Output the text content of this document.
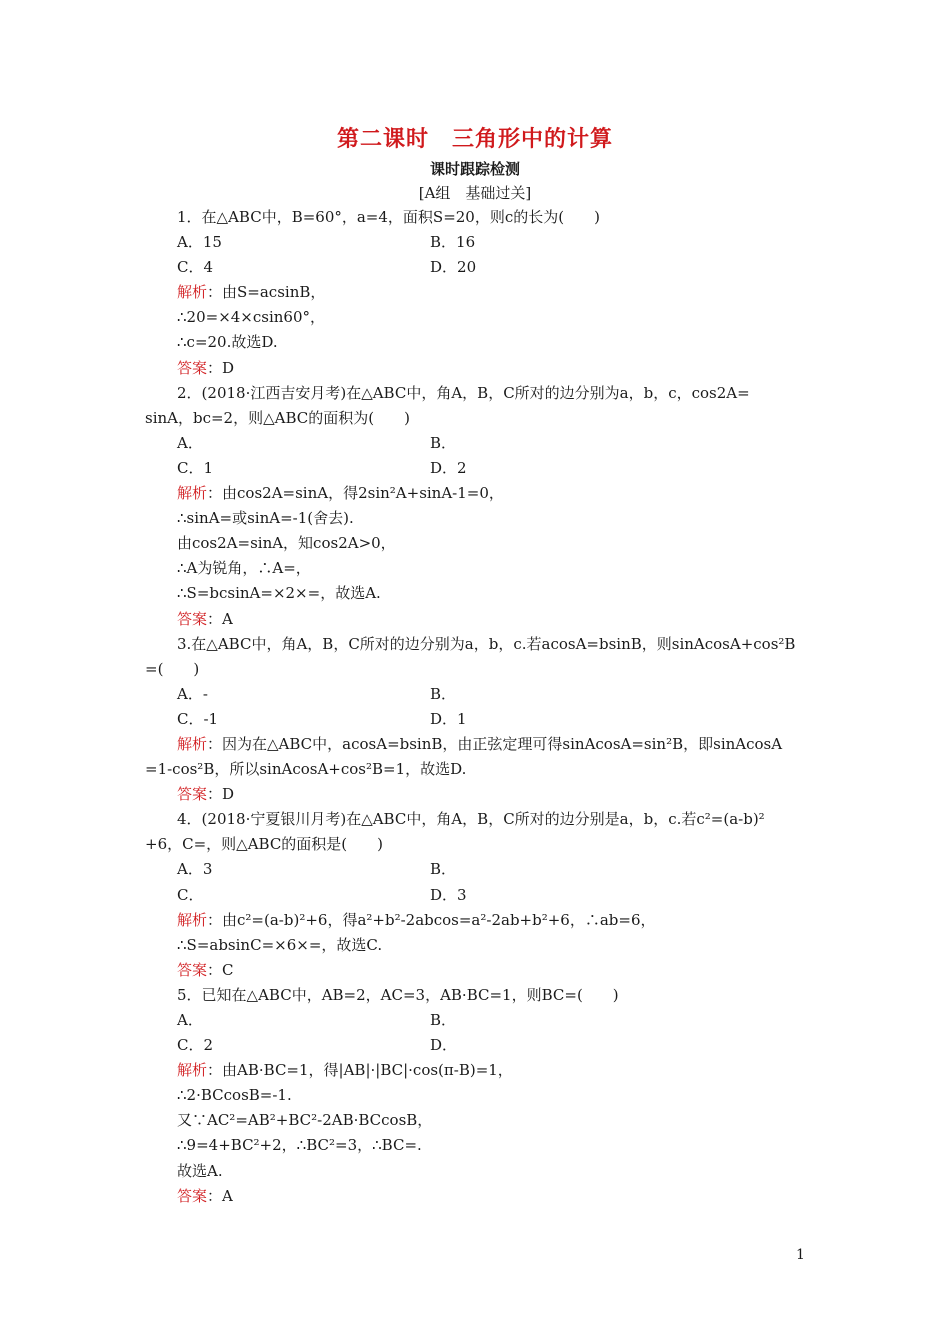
第二课时　三角形中的计算
课时跟踪检测
[A组　基础过关]
1．在△ABC中，B=60°，a=4，面积S=20，则c的长为(　　)
A．15	B．16
C．4	D．20
解析：由S=acsinB，
∴20=×4×csin60°，
∴c=20.故选D.
答案：D
2．(2018·江西吉安月考)在△ABC中，角A，B，C所对的边分别为a，b，c，cos2A=
sinA，bc=2，则△ABC的面积为(　　)
A．	B．
C．1	D．2
解析：由cos2A=sinA，得2sin²A+sinA-1=0，
∴sinA=或sinA=-1(舍去).
由cos2A=sinA，知cos2A>0，
∴A为锐角，∴A=，
∴S=bcsinA=×2×=，故选A.
答案：A
3.在△ABC中，角A，B，C所对的边分别为a，b，c.若acosA=bsinB，则sinAcosA+cos²B
=(　　)
A．-	B．
C．-1	D．1
解析：因为在△ABC中，acosA=bsinB，由正弦定理可得sinAcosA=sin²B，即sinAcosA
=1-cos²B，所以sinAcosA+cos²B=1，故选D.
答案：D
4．(2018·宁夏银川月考)在△ABC中，角A，B，C所对的边分别是a，b，c.若c²=(a-b)²
+6，C=，则△ABC的面积是(　　)
A．3	B．
C．	D．3
解析：由c²=(a-b)²+6，得a²+b²-2abcos=a²-2ab+b²+6，∴ab=6，
∴S=absinC=×6×=，故选C.
答案：C
5．已知在△ABC中，AB=2，AC=3，AB·BC=1，则BC=(　　)
A．	B．
C．2	D．
解析：由AB·BC=1，得|AB|·|BC|·cos(π-B)=1，
∴2·BCcosB=-1.
又∵AC²=AB²+BC²-2AB·BCcosB，
∴9=4+BC²+2，∴BC²=3，∴BC=.
故选A.
答案：A
1
